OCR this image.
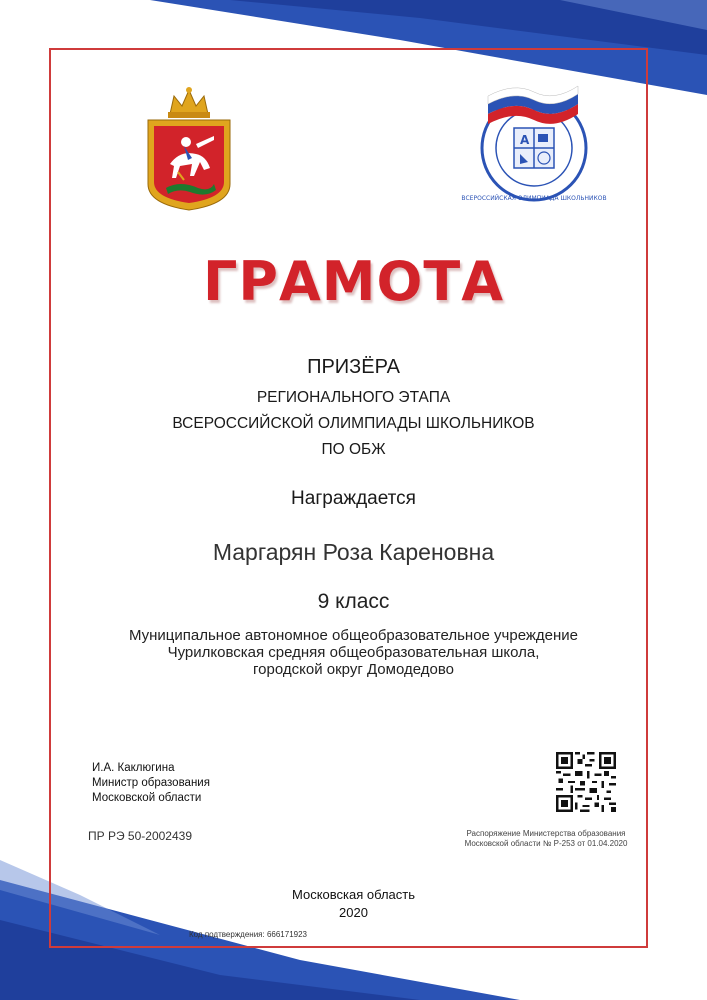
A
ВСЕРОССИЙСКАЯ ОЛИМПИАДА ШКОЛЬНИКОВ
ГРАМОТА
ПРИЗЁРА
РЕГИОНАЛЬНОГО ЭТАПА
ВСЕРОССИЙСКОЙ ОЛИМПИАДЫ ШКОЛЬНИКОВ
ПО ОБЖ
Награждается
Маргарян Роза Кареновна
9 класс
Муниципальное автономное общеобразовательное учреждение
Чурилковская средняя общеобразовательная школа,
городской округ Домодедово
И.А. Каклюгина
Министр образования
Московской области
ПР РЭ 50-2002439	Распоряжение Министерства образования
Московской области № Р-253 от 01.04.2020
Московская область
2020
Код подтверждения: 666171923
